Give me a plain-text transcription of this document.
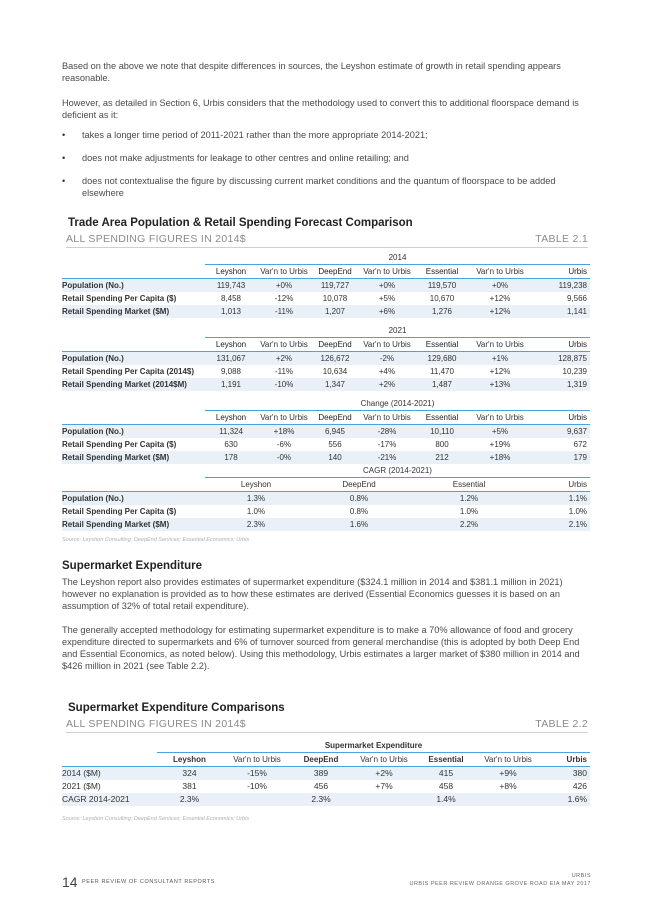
Based on the above we note that despite differences in sources, the Leyshon estimate of growth in retail spending appears reasonable.

However, as detailed in Section 6, Urbis considers that the methodology used to convert this to additional floorspace demand is deficient as it:

• takes a longer time period of 2011-2021 rather than the more appropriate 2014-2021;
• does not make adjustments for leakage to other centres and online retailing; and
• does not contextualise the figure by discussing current market conditions and the quantum of floorspace to be added elsewhere
Trade Area Population & Retail Spending Forecast Comparison
ALL SPENDING FIGURES IN 2014$	TABLE 2.1
	2014						
	Leyshon	Var'n to Urbis	DeepEnd	Var'n to Urbis	Essential	Var'n to Urbis	Urbis
Population (No.)	119,743	+0%	119,727	+0%	119,570	+0%	119,238
Retail Spending Per Capita ($)	8,458	-12%	10,078	+5%	10,670	+12%	9,566
Retail Spending Market ($M)	1,013	-11%	1,207	+6%	1,276	+12%	1,141

	2021						
	Leyshon	Var'n to Urbis	DeepEnd	Var'n to Urbis	Essential	Var'n to Urbis	Urbis
Population (No.)	131,067	+2%	126,672	-2%	129,680	+1%	128,875
Retail Spending Per Capita (2014$)	9,088	-11%	10,634	+4%	11,470	+12%	10,239
Retail Spending Market (2014$M)	1,191	-10%	1,347	+2%	1,487	+13%	1,319

	Change (2014-2021)						
	Leyshon	Var'n to Urbis	DeepEnd	Var'n to Urbis	Essential	Var'n to Urbis	Urbis
Population (No.)	11,324	+18%	6,945	-28%	10,110	+5%	9,637
Retail Spending Per Capita ($)	630	-6%	556	-17%	800	+19%	672
Retail Spending Market ($M)	178	-0%	140	-21%	212	+18%	179
	CAGR (2014-2021)			
	Leyshon	DeepEnd	Essential	Urbis
Population (No.)	1.3%	0.8%	1.2%	1.1%
Retail Spending Per Capita ($)	1.0%	0.8%	1.0%	1.0%
Retail Spending Market ($M)	2.3%	1.6%	2.2%	2.1%
Source: Leyshon Consulting; DeepEnd Services; Essential Economics; Urbis
Supermarket Expenditure

The Leyshon report also provides estimates of supermarket expenditure ($324.1 million in 2014 and $381.1 million in 2021) however no explanation is provided as to how these estimates are derived (Essential Economics guesses it is based on an assumption of 32% of total retail expenditure).

The generally accepted methodology for estimating supermarket expenditure is to make a 70% allowance of food and grocery expenditure directed to supermarkets and 6% of turnover sourced from general merchandise (this is adopted by both Deep End and Essential Economics, as noted below). Using this methodology, Urbis estimates a larger market of $380 million in 2014 and $426 million in 2021 (see Table 2.2).

Supermarket Expenditure Comparisons
ALL SPENDING FIGURES IN 2014$	TABLE 2.2
	Supermarket Expenditure						
	Leyshon	Var'n to Urbis	DeepEnd	Var'n to Urbis	Essential	Var'n to Urbis	Urbis
2014 ($M)	324	-15%	389	+2%	415	+9%	380
2021 ($M)	381	-10%	456	+7%	458	+8%	426
CAGR 2014-2021	2.3%		2.3%		1.4%		1.6%
Source: Leyshon Consulting; DeepEnd Services; Essential Economics; Urbis
14 PEER REVIEW OF CONSULTANT REPORTS
URBIS
URBIS PEER REVIEW ORANGE GROVE ROAD EIA MAY 2017
